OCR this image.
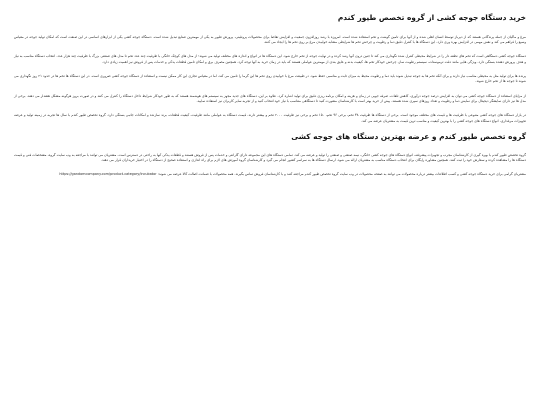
خرید دستگاه جوجه کشی از گروه تخصص طیور کندم

مرغ و ماکیان از جمله پرندگانی هستند که از دیرباز توسط انسان اهلی شده و از آنها برای تامین گوشت و تخم استفاده شده است. امروزه با رشد روزافزون جمعیت و افزایش تقاضا برای محصولات پروتئینی، پرورش طیور به یکی از مهمترین صنایع تبدیل شده است. دستگاه جوجه کشی یکی از ابزارهای اساسی در این صنعت است که امکان تولید جوجه در مقیاس وسیع را فراهم می کند و نقش مهمی در افزایش بهره وری دارد. این دستگاه ها با کنترل دقیق دما و رطوبت و چرخش تخم ها شرایطی مشابه خوابیدن مرغ بر روی تخم ها را ایجاد می کنند.

دستگاه جوجه کشی دستگاهی است که تخم های نطفه دار را در شرایط محیطی کنترل شده نگهداری می کند تا جنین درون آنها رشد کرده و در نهایت جوجه از تخم خارج شود. این دستگاه ها در انواع و اندازه های مختلف تولید می شوند؛ از مدل های کوچک خانگی با ظرفیت چند عدد تخم تا مدل های صنعتی بزرگ با ظرفیت چند هزار عدد. انتخاب دستگاه مناسب به نیاز و هدف پرورش دهنده بستگی دارد. ویژگی هایی مانند دقت ترموستات، سیستم رطوبت ساز، چرخش خودکار تخم ها، کیفیت بدنه و عایق بندی از مهمترین عواملی هستند که باید در زمان خرید به آنها توجه کرد. همچنین مصرف برق و امکان تامین قطعات یدکی و خدمات پس از فروش نیز اهمیت زیادی دارد.

پرنده ها برای تولید مثل به محیطی مناسب نیاز دارند و برای آنکه تخم ها به جوجه تبدیل شوند باید دما و رطوبت محیط به میزان ثابت و مناسبی حفظ شود. در طبیعت مرغ با خوابیدن روی تخم ها این گرما را تامین می کند، اما در مقیاس تجاری این کار ممکن نیست و استفاده از دستگاه جوجه کشی ضروری است. در این دستگاه ها تخم ها در حدود ۲۱ روز نگهداری می شوند تا جوجه ها از تخم خارج شوند.

از مزایای استفاده از دستگاه جوجه کشی می توان به افزایش درصد جوجه درآوری، کاهش تلفات، صرفه جویی در زمان و هزینه و امکان برنامه ریزی دقیق برای تولید اشاره کرد. علاوه بر این، دستگاه های جدید مجهز به سیستم های هوشمند هستند که به طور خودکار شرایط داخل دستگاه را کنترل می کنند و در صورت بروز هرگونه مشکل هشدار می دهند. برخی از مدل ها نیز دارای نمایشگر دیجیتال برای نمایش دما و رطوبت و تعداد روزهای سپری شده هستند. پیش از خرید بهتر است با کارشناسان مشورت کنید تا دستگاهی متناسب با نیاز خود انتخاب کنید و از تجربه سایر کاربران نیز استفاده نمایید.

در بازار دستگاه های جوجه کشی متنوعی با ظرفیت ها و قیمت های مختلف موجود است. برخی از دستگاه ها ظرفیت ۴۸ تخم، برخی ۹۶ تخم، ۱۵۰ تخم و برخی نیز ظرفیت ۲۰۰۰ تخم و بیشتر دارند. قیمت دستگاه به عواملی مانند ظرفیت، کیفیت قطعات، برند سازنده و امکانات جانبی بستگی دارد. گروه تخصص طیور کندم با سال ها تجربه در زمینه تولید و عرضه تجهیزات مرغداری، انواع دستگاه های جوجه کشی را با بهترین کیفیت و مناسب ترین قیمت به مشتریان عرضه می کند.

گروه تخصص طیور کندم و عرضه بهترین دستگاه های جوجه کشی

گروه تخصص طیور کندم با بهره گیری از کارشناسان مجرب و تجهیزات پیشرفته، انواع دستگاه های جوجه کشی خانگی، نیمه صنعتی و صنعتی را تولید و عرضه می کند. تمامی دستگاه های این مجموعه دارای گارانتی و خدمات پس از فروش هستند و قطعات یدکی آنها به راحتی در دسترس است. مشتریان می توانند با مراجعه به وب سایت گروه، مشخصات فنی و قیمت دستگاه ها را مشاهده کرده و سفارش خود را ثبت کنند. همچنین مشاوره رایگان برای انتخاب دستگاه مناسب به مشتریان ارائه می شود. ارسال دستگاه ها به سراسر کشور انجام می گیرد و کارشناسان گروه آموزش های لازم برای راه اندازی و استفاده صحیح از دستگاه را در اختیار خریداران قرار می دهند.

مشتریان گرامی برای خرید دستگاه جوجه کشی و کسب اطلاعات بیشتر درباره محصولات می توانند به صفحه محصولات در وب سایت گروه تخصص طیور کندم مراجعه کنند و با کارشناسان فروش تماس بگیرند. همه محصولات با ضمانت اصالت کالا عرضه می شوند: https://gandomcompany.com/product-category/incubator
